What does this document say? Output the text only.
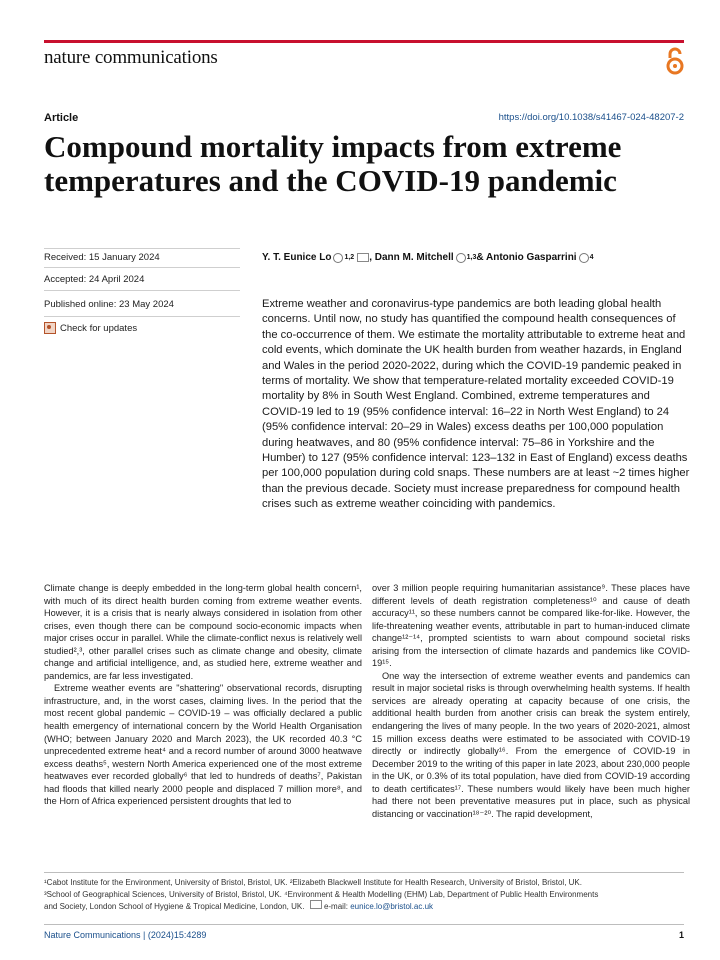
nature communications
Article	https://doi.org/10.1038/s41467-024-48207-2
Compound mortality impacts from extreme temperatures and the COVID-19 pandemic
Received: 15 January 2024
Accepted: 24 April 2024
Published online: 23 May 2024
Check for updates
Y. T. Eunice Lo 1,2 , Dann M. Mitchell 1,3 & Antonio Gasparrini 4

Extreme weather and coronavirus-type pandemics are both leading global health concerns. Until now, no study has quantified the compound health consequences of the co-occurrence of them. We estimate the mortality attributable to extreme heat and cold events, which dominate the UK health burden from weather hazards, in England and Wales in the period 2020-2022, during which the COVID-19 pandemic peaked in terms of mortality. We show that temperature-related mortality exceeded COVID-19 mortality by 8% in South West England. Combined, extreme temperatures and COVID-19 led to 19 (95% confidence interval: 16–22 in North West England) to 24 (95% confidence interval: 20–29 in Wales) excess deaths per 100,000 population during heatwaves, and 80 (95% confidence interval: 75–86 in Yorkshire and the Humber) to 127 (95% confidence interval: 123–132 in East of England) excess deaths per 100,000 population during cold snaps. These numbers are at least ~2 times higher than the previous decade. Society must increase preparedness for compound health crises such as extreme weather coinciding with pandemics.

Climate change is deeply embedded in the long-term global health concern¹, with much of its direct health burden coming from extreme weather events. However, it is a crisis that is nearly always considered in isolation from other crises, even though there can be compound socio-economic impacts when major crises occur in parallel. While the climate-conflict nexus is relatively well studied²,³, other parallel crises such as climate change and obesity, climate change and artificial intelligence, and, as studied here, extreme weather and pandemics, are far less investigated.

Extreme weather events are "shattering" observational records, disrupting infrastructure, and, in the worst cases, claiming lives. In the period that the most recent global pandemic – COVID-19 – was officially declared a public health emergency of international concern by the World Health Organisation (WHO; between January 2020 and March 2023), the UK recorded 40.3 °C unprecedented extreme heat⁴ and a record number of around 3000 heatwave excess deaths⁵, western North America experienced one of the most extreme heatwaves ever recorded globally⁶ that led to hundreds of deaths⁷, Pakistan had floods that killed nearly 2000 people and displaced 7 million more⁸, and the Horn of Africa experienced persistent droughts that led to

over 3 million people requiring humanitarian assistance⁹. These places have different levels of death registration completeness¹⁰ and cause of death accuracy¹¹, so these numbers cannot be compared like-for-like. However, the life-threatening weather events, attributable in part to human-induced climate change¹²⁻¹⁴, prompted scientists to warn about compound societal risks arising from the intersection of climate hazards and pandemics like COVID-19¹⁵.

One way the intersection of extreme weather events and pandemics can result in major societal risks is through overwhelming health systems. If health services are already operating at capacity because of one crisis, the additional health burden from another crisis can break the system entirely, endangering the lives of many people. In the two years of 2020-2021, almost 15 million excess deaths were estimated to be associated with COVID-19 directly or indirectly globally¹⁶. From the emergence of COVID-19 in December 2019 to the writing of this paper in late 2023, about 230,000 people in the UK, or 0.3% of its total population, have died from COVID-19 according to death certificates¹⁷. These numbers would likely have been much higher had there not been preventative measures put in place, such as physical distancing or vaccination¹⁸⁻²⁰. The rapid development,

¹Cabot Institute for the Environment, University of Bristol, Bristol, UK. ²Elizabeth Blackwell Institute for Health Research, University of Bristol, Bristol, UK.
³School of Geographical Sciences, University of Bristol, Bristol, UK. ⁴Environment & Health Modelling (EHM) Lab, Department of Public Health Environments
and Society, London School of Hygiene & Tropical Medicine, London, UK. e-mail: eunice.lo@bristol.ac.uk
Nature Communications | (2024)15:4289	1
